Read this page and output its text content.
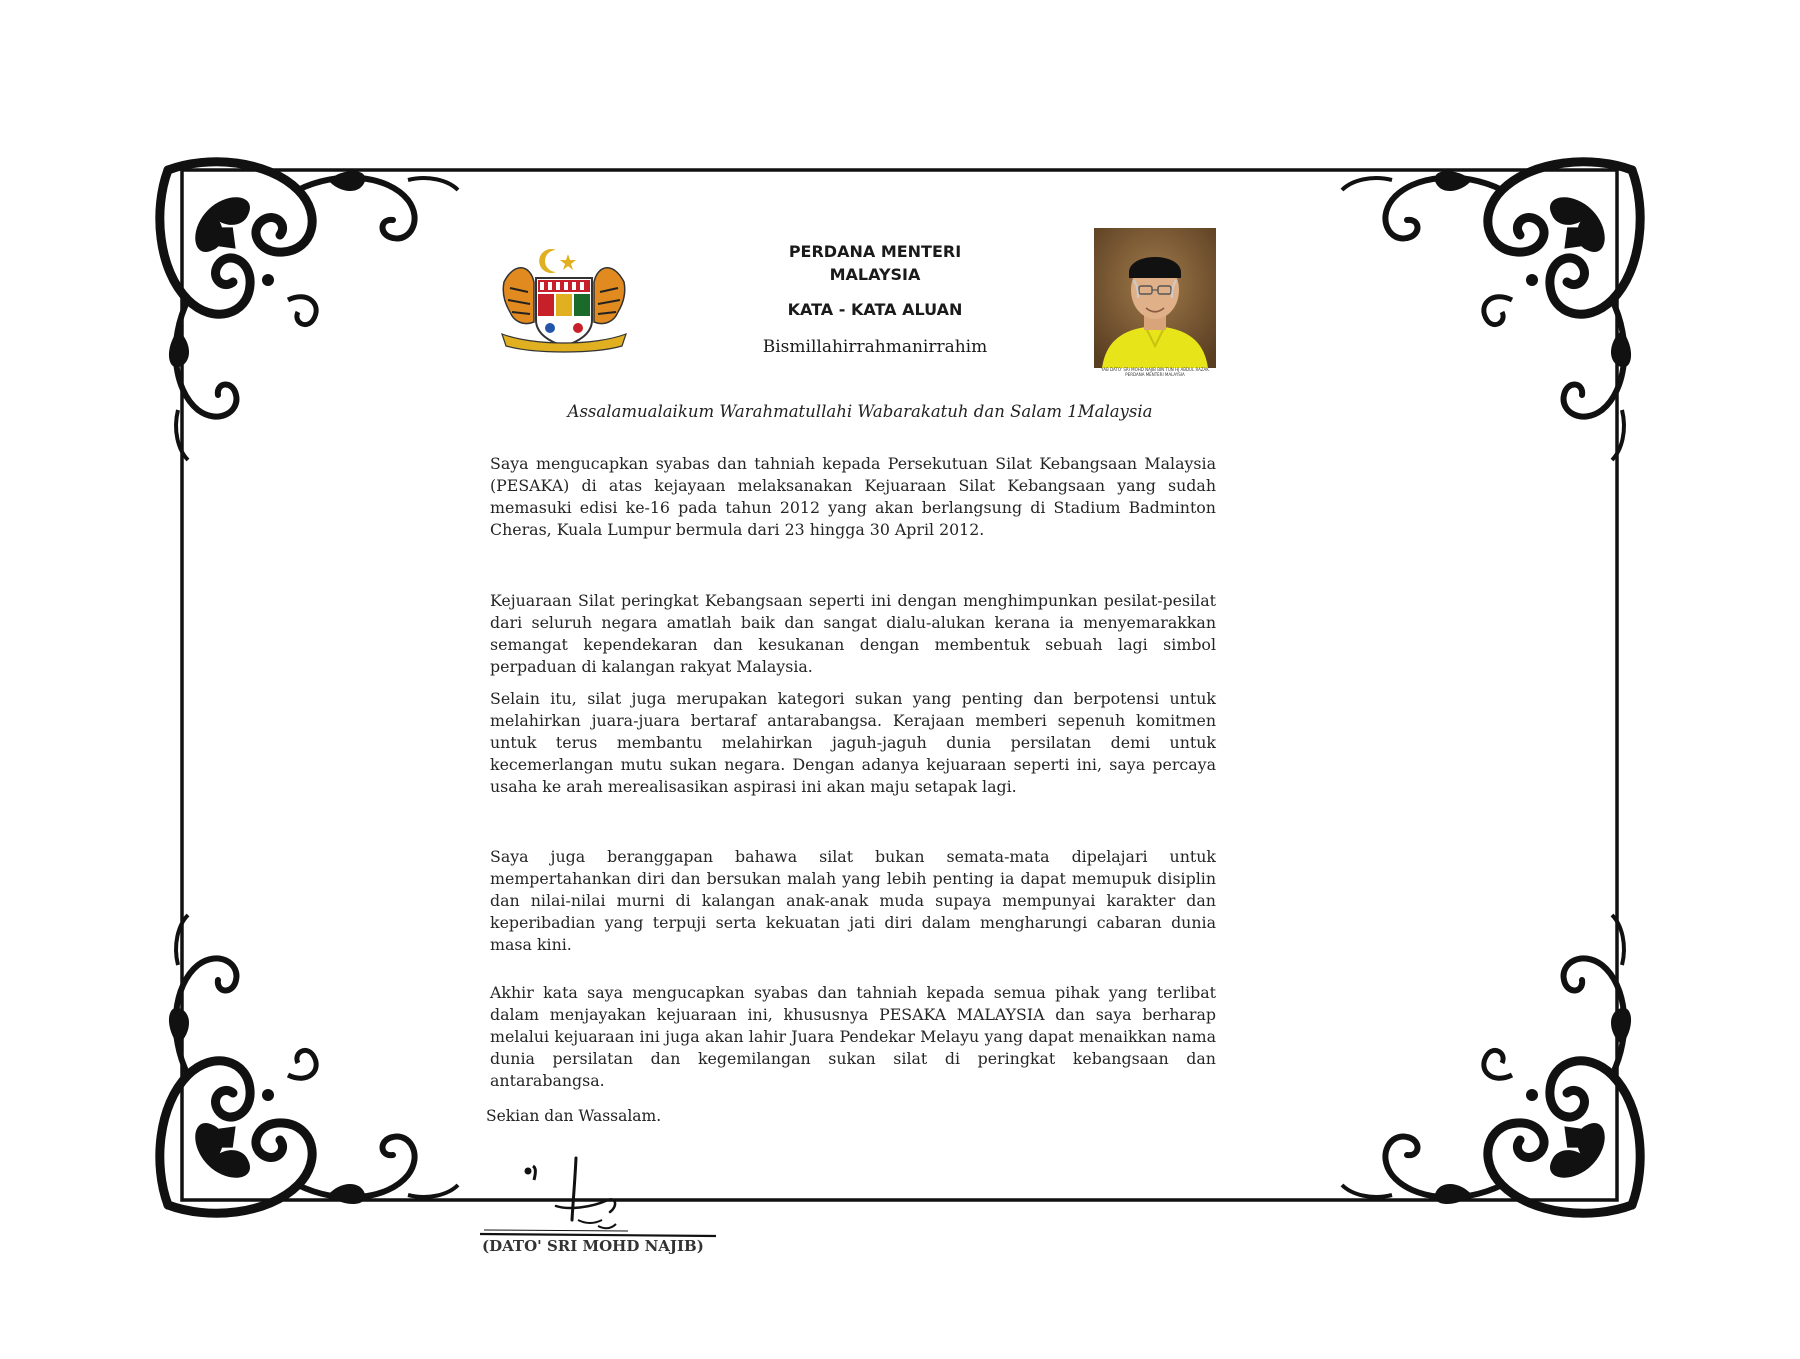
PERDANA MENTERI
MALAYSIA
KATA - KATA ALUAN
Bismillahirrahmanirrahim
YAB DATO' SRI MOHD NAJIB BIN TUN HJ ABDUL RAZAK
PERDANA MENTERI MALAYSIA
Assalamualaikum Warahmatullahi Wabarakatuh dan Salam 1Malaysia

Saya mengucapkan syabas dan tahniah kepada Persekutuan Silat Kebangsaan Malaysia (PESAKA) di atas kejayaan melaksanakan Kejuaraan Silat Kebangsaan yang sudah memasuki edisi ke-16 pada tahun 2012 yang akan berlangsung di Stadium Badminton Cheras, Kuala Lumpur bermula dari 23 hingga 30 April 2012.

Kejuaraan Silat peringkat Kebangsaan seperti ini dengan menghimpunkan pesilat-pesilat dari seluruh negara amatlah baik dan sangat dialu-alukan kerana ia menyemarakkan semangat kependekaran dan kesukanan dengan membentuk sebuah lagi simbol perpaduan di kalangan rakyat Malaysia.

Selain itu, silat juga merupakan kategori sukan yang penting dan berpotensi untuk melahirkan juara-juara bertaraf antarabangsa. Kerajaan memberi sepenuh komitmen untuk terus membantu melahirkan jaguh-jaguh dunia persilatan demi untuk kecemerlangan mutu sukan negara. Dengan adanya kejuaraan seperti ini, saya percaya usaha ke arah merealisasikan aspirasi ini akan maju setapak lagi.

Saya juga beranggapan bahawa silat bukan semata-mata dipelajari untuk mempertahankan diri dan bersukan malah yang lebih penting ia dapat memupuk disiplin dan nilai-nilai murni di kalangan anak-anak muda supaya mempunyai karakter dan keperibadian yang terpuji serta kekuatan jati diri dalam mengharungi cabaran dunia masa kini.

Akhir kata saya mengucapkan syabas dan tahniah kepada semua pihak yang terlibat dalam menjayakan kejuaraan ini, khususnya PESAKA MALAYSIA dan saya berharap melalui kejuaraan ini juga akan lahir Juara Pendekar Melayu yang dapat menaikkan nama dunia persilatan dan kegemilangan sukan silat di peringkat kebangsaan dan antarabangsa.

Sekian dan Wassalam.

(DATO' SRI MOHD NAJIB)
